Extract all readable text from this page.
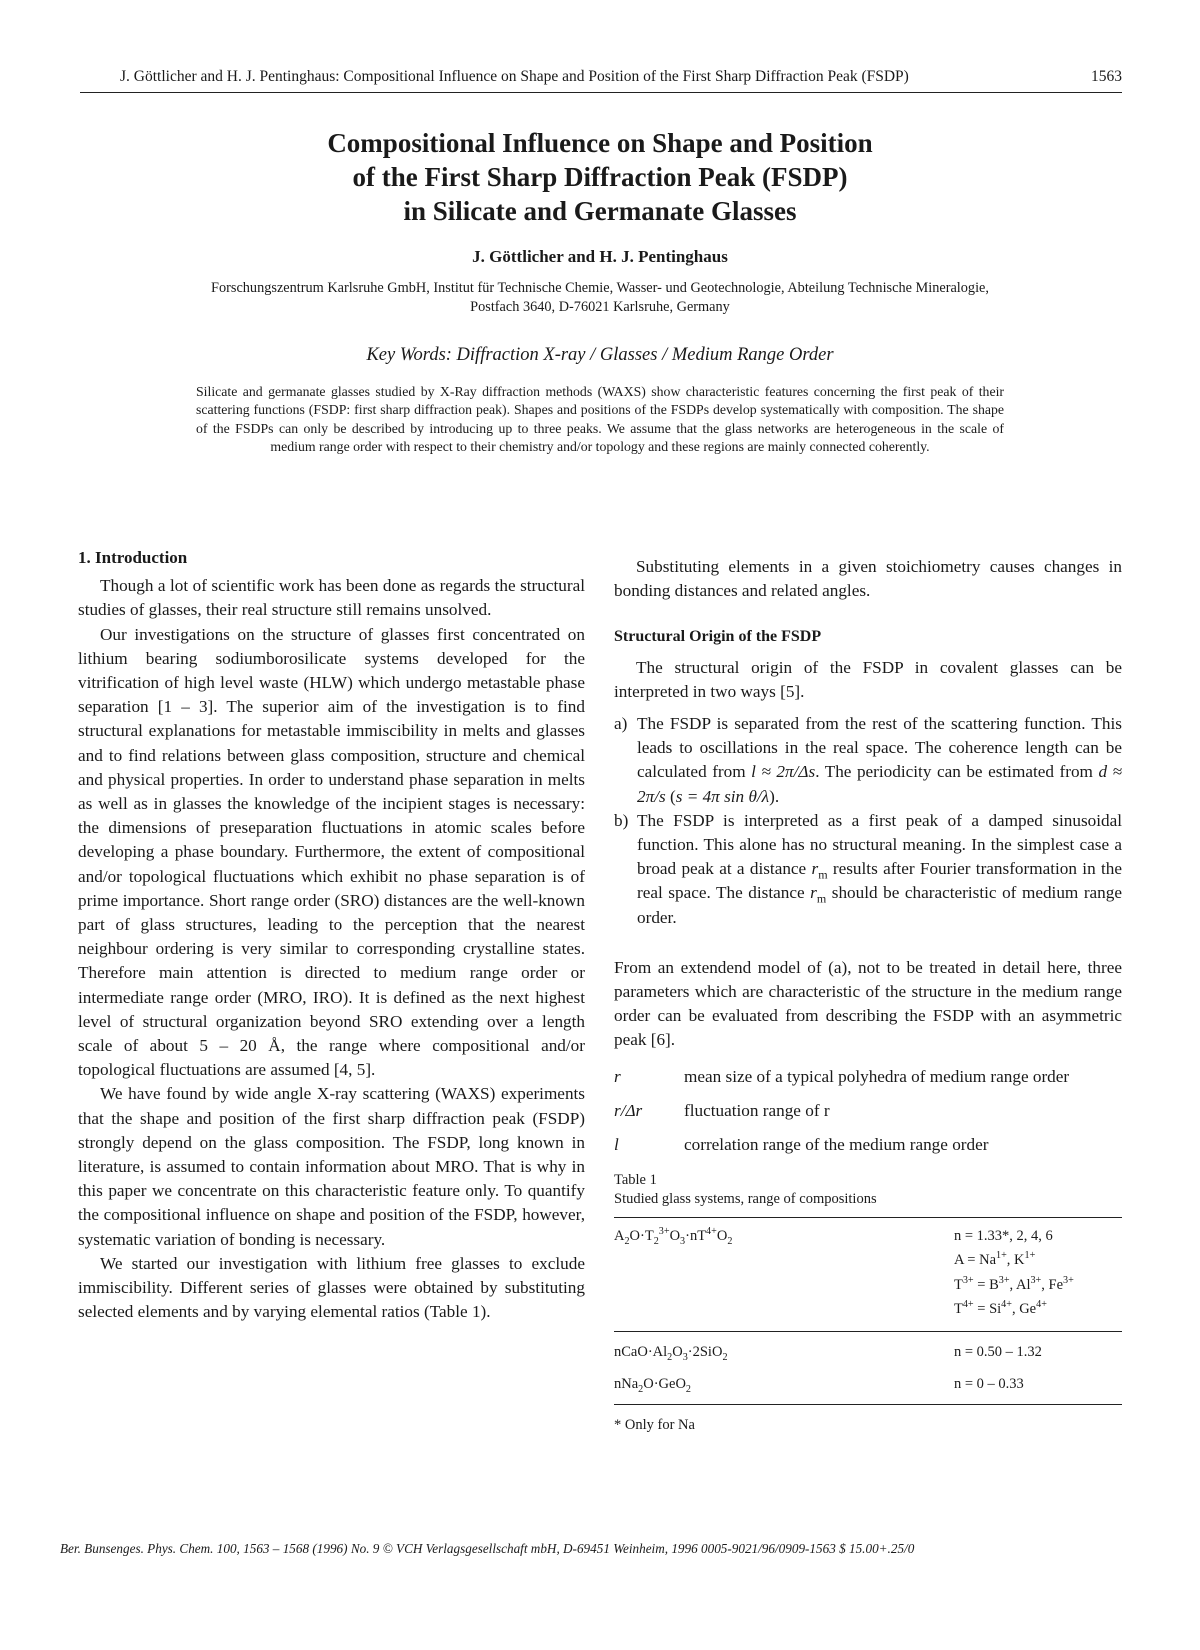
J. Göttlicher and H. J. Pentinghaus: Compositional Influence on Shape and Position of the First Sharp Diffraction Peak (FSDP)	1563
Compositional Influence on Shape and Position
of the First Sharp Diffraction Peak (FSDP)
in Silicate and Germanate Glasses
J. Göttlicher and H. J. Pentinghaus
Forschungszentrum Karlsruhe GmbH, Institut für Technische Chemie, Wasser- und Geotechnologie, Abteilung Technische Mineralogie,
Postfach 3640, D-76021 Karlsruhe, Germany
Key Words: Diffraction X-ray / Glasses / Medium Range Order
Silicate and germanate glasses studied by X-Ray diffraction methods (WAXS) show characteristic features concerning the first peak of their scattering functions (FSDP: first sharp diffraction peak). Shapes and positions of the FSDPs develop systematically with composition. The shape of the FSDPs can only be described by introducing up to three peaks. We assume that the glass networks are heterogeneous in the scale of medium range order with respect to their chemistry and/or topology and these regions are mainly connected coherently.
1. Introduction

Though a lot of scientific work has been done as regards the structural studies of glasses, their real structure still remains unsolved.

Our investigations on the structure of glasses first concentrated on lithium bearing sodiumborosilicate systems developed for the vitrification of high level waste (HLW) which undergo metastable phase separation [1 – 3]. The superior aim of the investigation is to find structural explanations for metastable immiscibility in melts and glasses and to find relations between glass composition, structure and chemical and physical properties. In order to understand phase separation in melts as well as in glasses the knowledge of the incipient stages is necessary: the dimensions of preseparation fluctuations in atomic scales before developing a phase boundary. Furthermore, the extent of compositional and/or topological fluctuations which exhibit no phase separation is of prime importance. Short range order (SRO) distances are the well-known part of glass structures, leading to the perception that the nearest neighbour ordering is very similar to corresponding crystalline states. Therefore main attention is directed to medium range order or intermediate range order (MRO, IRO). It is defined as the next highest level of structural organization beyond SRO extending over a length scale of about 5 – 20 Å, the range where compositional and/or topological fluctuations are assumed [4, 5].

We have found by wide angle X-ray scattering (WAXS) experiments that the shape and position of the first sharp diffraction peak (FSDP) strongly depend on the glass composition. The FSDP, long known in literature, is assumed to contain information about MRO. That is why in this paper we concentrate on this characteristic feature only. To quantify the compositional influence on shape and position of the FSDP, however, systematic variation of bonding is necessary.

We started our investigation with lithium free glasses to exclude immiscibility. Different series of glasses were obtained by substituting selected elements and by varying elemental ratios (Table 1).

Substituting elements in a given stoichiometry causes changes in bonding distances and related angles.

Structural Origin of the FSDP

The structural origin of the FSDP in covalent glasses can be interpreted in two ways [5].

a) The FSDP is separated from the rest of the scattering function. This leads to oscillations in the real space. The coherence length can be calculated from l ≈ 2π/Δs. The periodicity can be estimated from d ≈ 2π/s (s = 4π sin θ/λ).
b) The FSDP is interpreted as a first peak of a damped sinusoidal function. This alone has no structural meaning. In the simplest case a broad peak at a distance $r_m$ results after Fourier transformation in the real space. The distance $r_m$ should be characteristic of medium range order.

From an extendend model of (a), not to be treated in detail here, three parameters which are characteristic of the structure in the medium range order can be evaluated from describing the FSDP with an asymmetric peak [6].

r	mean size of a typical polyhedra of medium range order
r/Δr	fluctuation range of r
l	correlation range of the medium range order
Table 1
Studied glass systems, range of compositions
$A_2O\cdot T_2^{3+}O_3\cdot nT^{4+}O_2$	n = 1.33*, 2, 4, 6
$A = Na^{1+}$, $K^{1+}$
$T^{3+} = B^{3+}$, $Al^{3+}$, $Fe^{3+}$
$T^{4+} = Si^{4+}$, $Ge^{4+}$
$nCaO\cdot Al_2O_3\cdot 2SiO_2$	n = 0.50 – 1.32
nNa$_2$O·GeO$_2$	n = 0 – 0.33
* Only for Na
Ber. Bunsenges. Phys. Chem. 100, 1563 – 1568 (1996) No. 9 © VCH Verlagsgesellschaft mbH, D-69451 Weinheim, 1996 0005-9021/96/0909-1563 $ 15.00+.25/0
